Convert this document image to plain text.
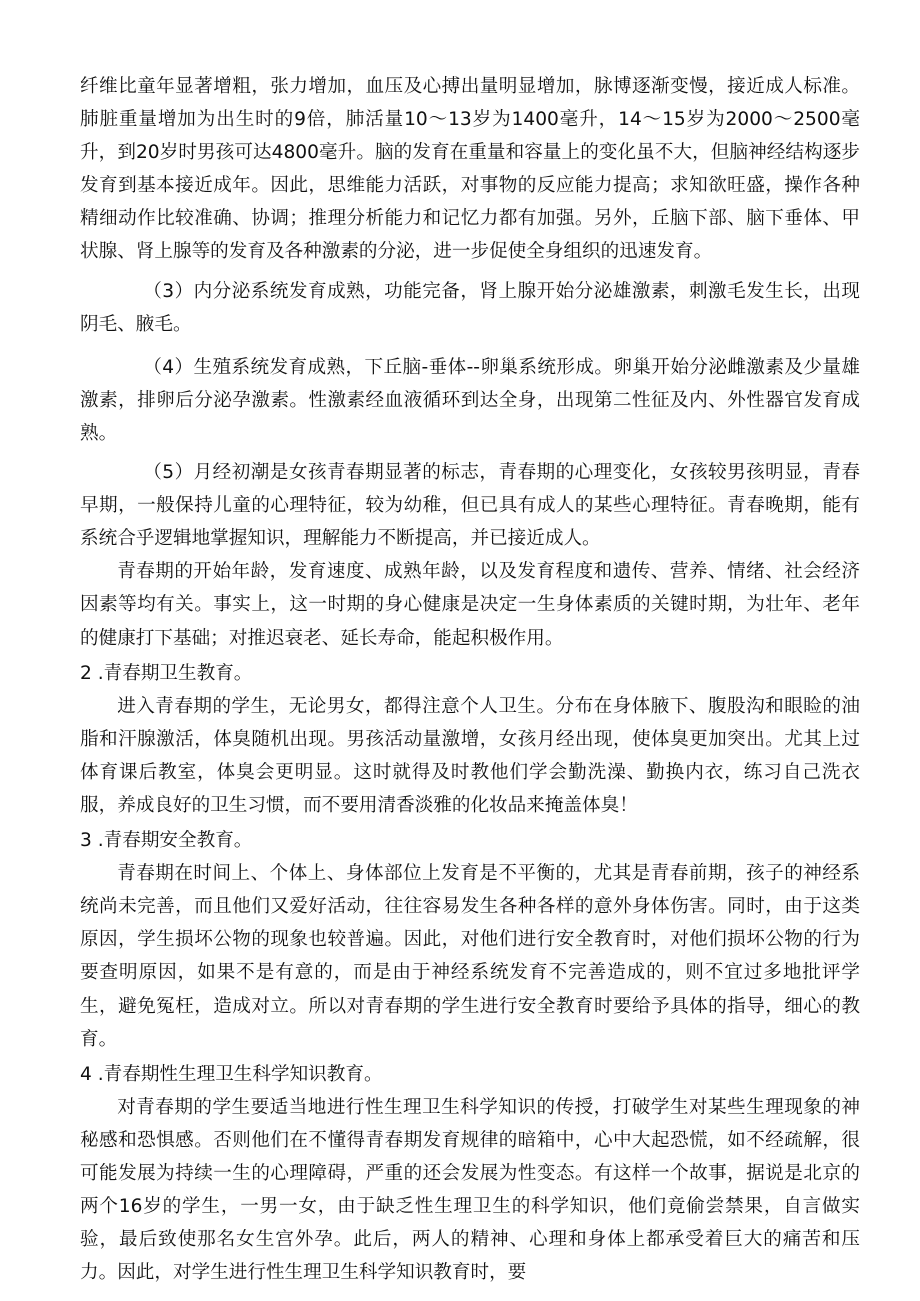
纤维比童年显著增粗，张力增加，血压及心搏出量明显增加，脉博逐渐变慢，接近成人标准。肺脏重量增加为出生时的9倍，肺活量10～13岁为1400毫升，14～15岁为2000～2500毫升，到20岁时男孩可达4800毫升。脑的发育在重量和容量上的变化虽不大，但脑神经结构逐步发育到基本接近成年。因此，思维能力活跃，对事物的反应能力提高；求知欲旺盛，操作各种精细动作比较准确、协调；推理分析能力和记忆力都有加强。另外，丘脑下部、脑下垂体、甲状腺、肾上腺等的发育及各种激素的分泌，进一步促使全身组织的迅速发育。

（3）内分泌系统发育成熟，功能完备，肾上腺开始分泌雄激素，刺激毛发生长，出现阴毛、腋毛。

（4）生殖系统发育成熟，下丘脑-垂体--卵巢系统形成。卵巢开始分泌雌激素及少量雄激素，排卵后分泌孕激素。性激素经血液循环到达全身，出现第二性征及内、外性器官发育成熟。

（5）月经初潮是女孩青春期显著的标志，青春期的心理变化，女孩较男孩明显，青春早期，一般保持儿童的心理特征，较为幼稚，但已具有成人的某些心理特征。青春晚期，能有系统合乎逻辑地掌握知识，理解能力不断提高，并已接近成人。

青春期的开始年龄，发育速度、成熟年龄，以及发育程度和遗传、营养、情绪、社会经济因素等均有关。事实上，这一时期的身心健康是决定一生身体素质的关键时期，为壮年、老年的健康打下基础；对推迟衰老、延长寿命，能起积极作用。

2 .青春期卫生教育。

进入青春期的学生，无论男女，都得注意个人卫生。分布在身体腋下、腹股沟和眼睑的油脂和汗腺激活，体臭随机出现。男孩活动量激增，女孩月经出现，使体臭更加突出。尤其上过体育课后教室，体臭会更明显。这时就得及时教他们学会勤洗澡、勤换内衣，练习自己洗衣服，养成良好的卫生习惯，而不要用清香淡雅的化妆品来掩盖体臭！

3 .青春期安全教育。

青春期在时间上、个体上、身体部位上发育是不平衡的，尤其是青春前期，孩子的神经系统尚未完善，而且他们又爱好活动，往往容易发生各种各样的意外身体伤害。同时，由于这类原因，学生损坏公物的现象也较普遍。因此，对他们进行安全教育时，对他们损坏公物的行为要查明原因，如果不是有意的，而是由于神经系统发育不完善造成的，则不宜过多地批评学生，避免冤枉，造成对立。所以对青春期的学生进行安全教育时要给予具体的指导，细心的教育。

4 .青春期性生理卫生科学知识教育。

对青春期的学生要适当地进行性生理卫生科学知识的传授，打破学生对某些生理现象的神秘感和恐惧感。否则他们在不懂得青春期发育规律的暗箱中，心中大起恐慌，如不经疏解，很可能发展为持续一生的心理障碍，严重的还会发展为性变态。有这样一个故事，据说是北京的两个16岁的学生，一男一女，由于缺乏性生理卫生的科学知识，他们竟偷尝禁果，自言做实验，最后致使那名女生宫外孕。此后，两人的精神、心理和身体上都承受着巨大的痛苦和压力。因此，对学生进行性生理卫生科学知识教育时，要
